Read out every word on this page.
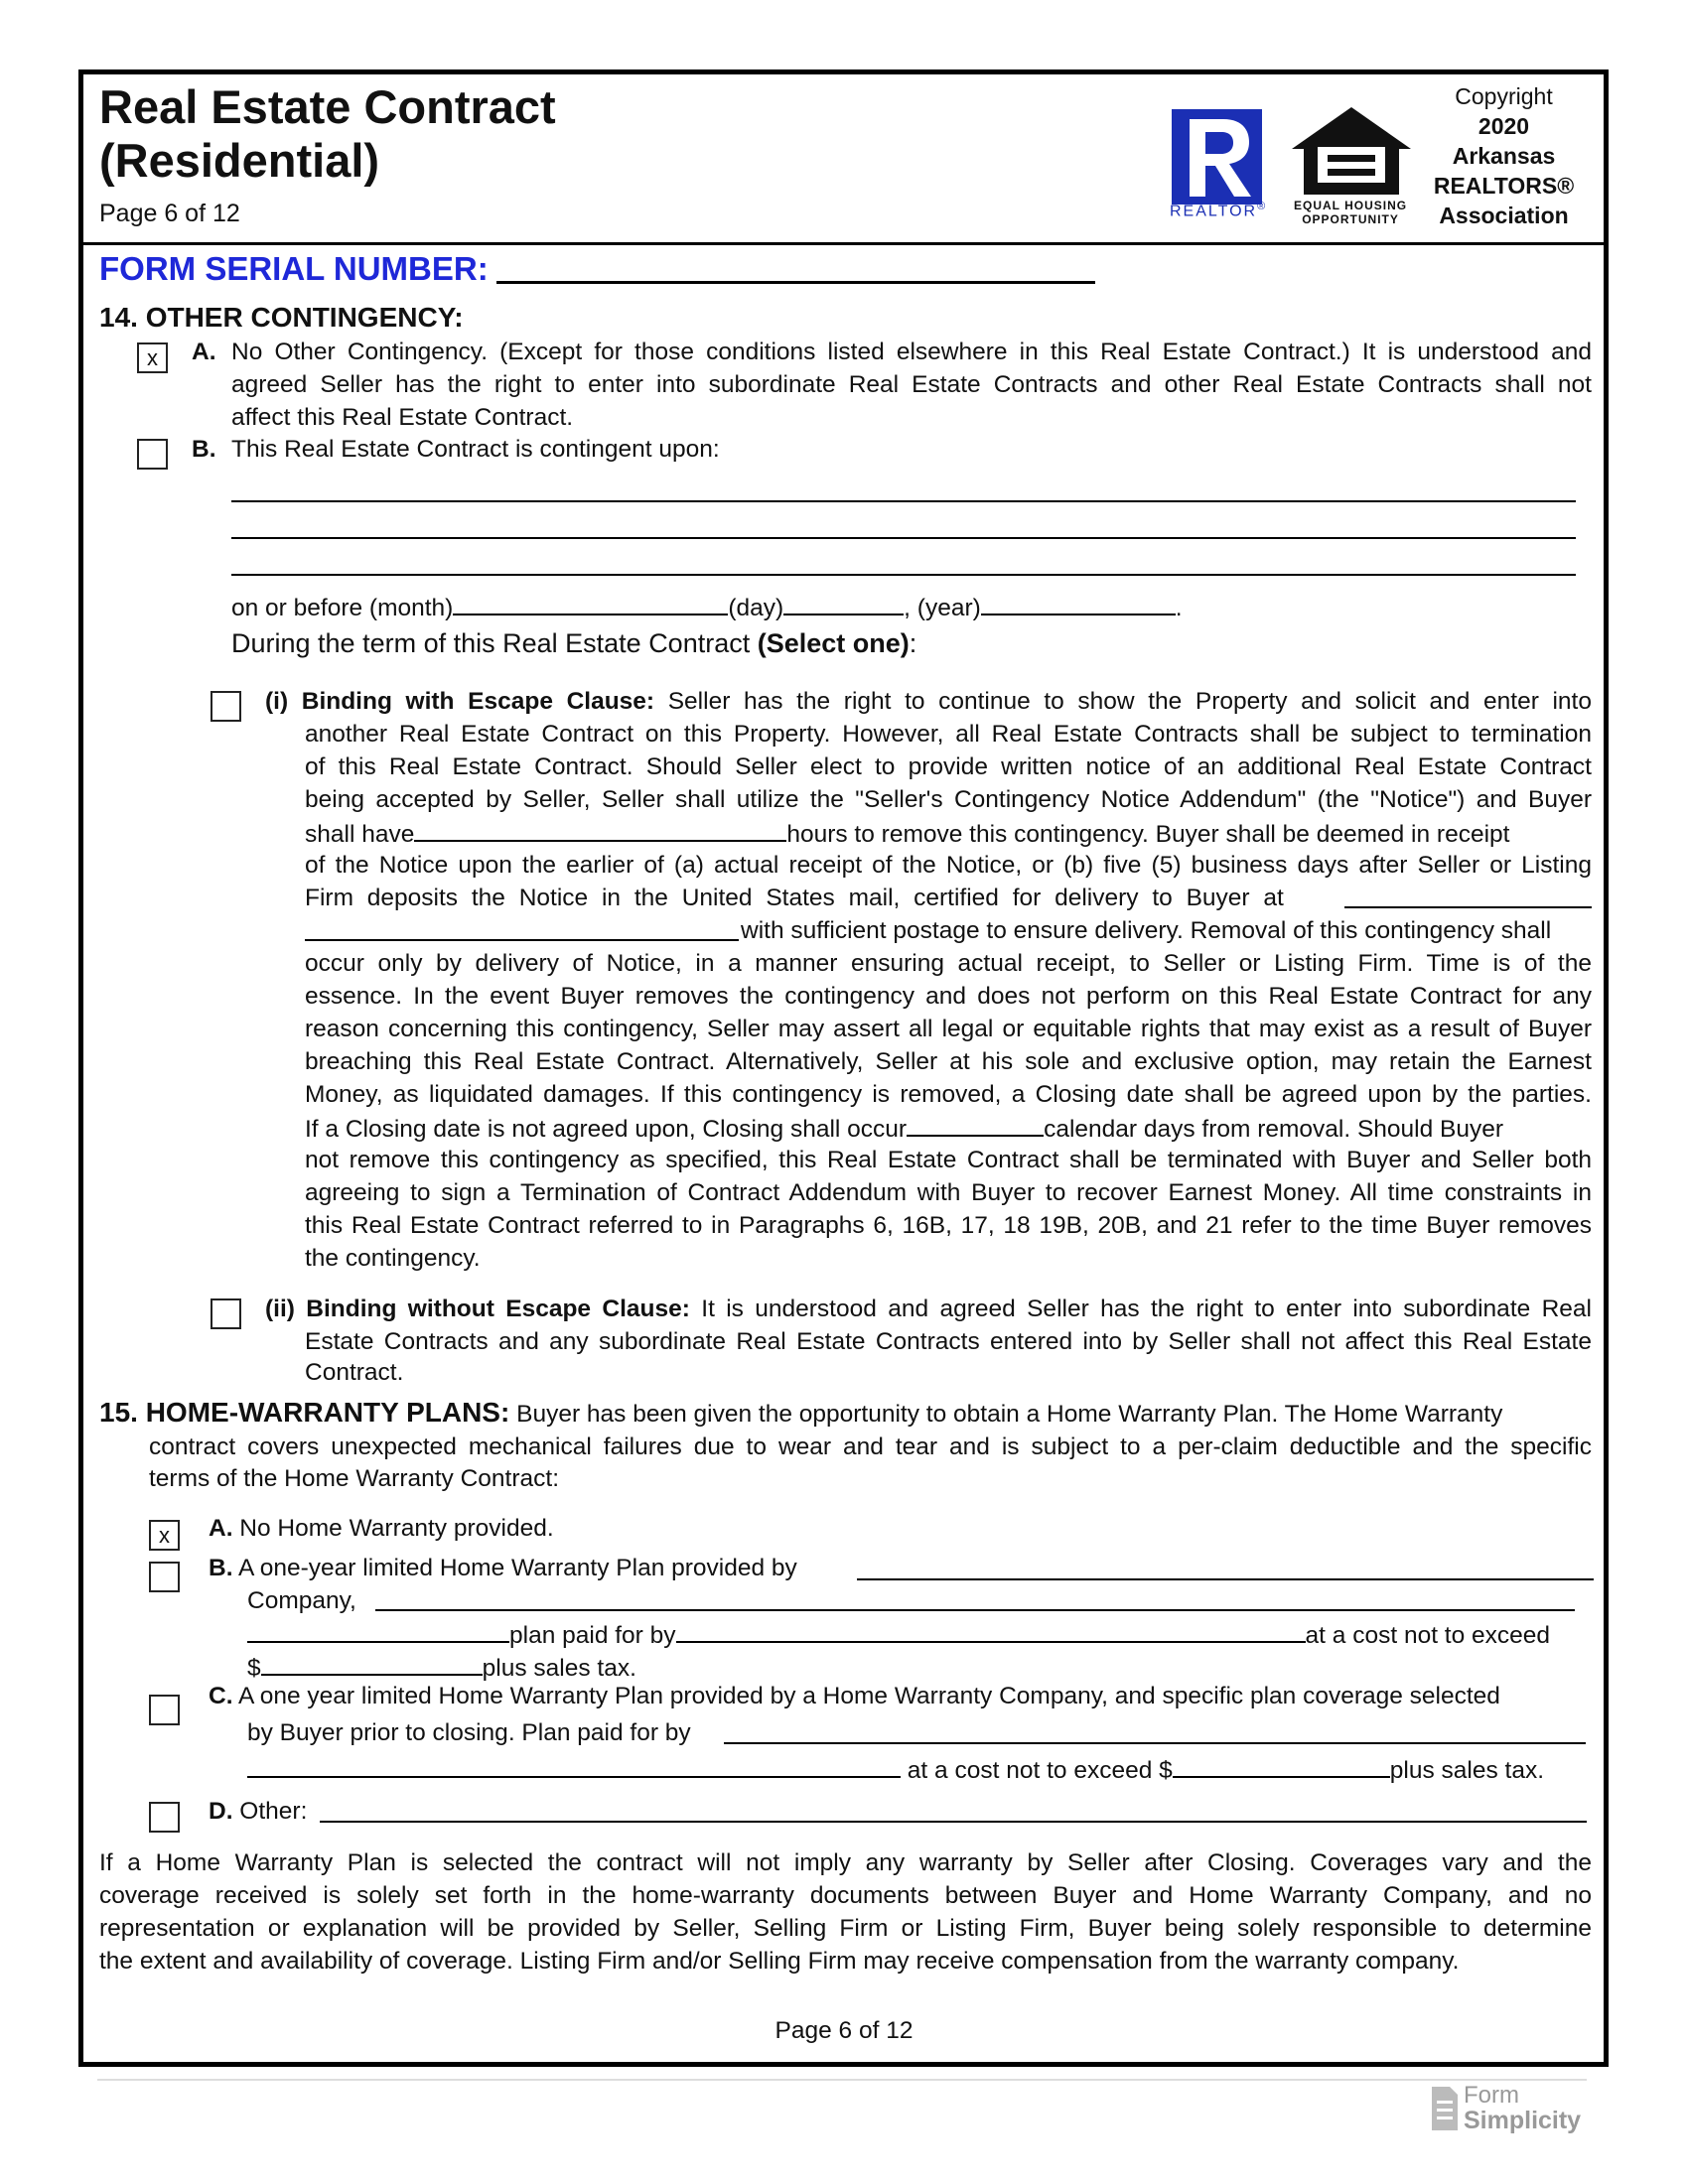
Real Estate Contract
(Residential)
Page 6 of 12	REALTOR® EQUAL HOUSING
OPPORTUNITY
Copyright
2020
Arkansas
REALTORS®
Association
FORM SERIAL NUMBER:
14. OTHER CONTINGENCY:
x	A. No Other Contingency. (Except for those conditions listed elsewhere in this Real Estate Contract.) It is understood and
agreed Seller has the right to enter into subordinate Real Estate Contracts and other Real Estate Contracts shall not
affect this Real Estate Contract.
B. This Real Estate Contract is contingent upon:
on or before (month)	(day)	, (year)	.
During the term of this Real Estate Contract (Select one):
(i) Binding with Escape Clause: Seller has the right to continue to show the Property and solicit and enter into
another Real Estate Contract on this Property. However, all Real Estate Contracts shall be subject to termination
of this Real Estate Contract. Should Seller elect to provide written notice of an additional Real Estate Contract
being accepted by Seller, Seller shall utilize the "Seller's Contingency Notice Addendum" (the "Notice") and Buyer
shall have	hours to remove this contingency. Buyer shall be deemed in receipt
of the Notice upon the earlier of (a) actual receipt of the Notice, or (b) five (5) business days after Seller or Listing
Firm deposits the Notice in the United States mail, certified for delivery to Buyer at
with sufficient postage to ensure delivery. Removal of this contingency shall
occur only by delivery of Notice, in a manner ensuring actual receipt, to Seller or Listing Firm. Time is of the
essence. In the event Buyer removes the contingency and does not perform on this Real Estate Contract for any
reason concerning this contingency, Seller may assert all legal or equitable rights that may exist as a result of Buyer
breaching this Real Estate Contract. Alternatively, Seller at his sole and exclusive option, may retain the Earnest
Money, as liquidated damages. If this contingency is removed, a Closing date shall be agreed upon by the parties.
If a Closing date is not agreed upon, Closing shall occur	calendar days from removal. Should Buyer
not remove this contingency as specified, this Real Estate Contract shall be terminated with Buyer and Seller both
agreeing to sign a Termination of Contract Addendum with Buyer to recover Earnest Money. All time constraints in
this Real Estate Contract referred to in Paragraphs 6, 16B, 17, 18 19B, 20B, and 21 refer to the time Buyer removes
the contingency.
(ii) Binding without Escape Clause: It is understood and agreed Seller has the right to enter into subordinate Real
Estate Contracts and any subordinate Real Estate Contracts entered into by Seller shall not affect this Real Estate
Contract.
15. HOME-WARRANTY PLANS: Buyer has been given the opportunity to obtain a Home Warranty Plan. The Home Warranty
contract covers unexpected mechanical failures due to wear and tear and is subject to a per-claim deductible and the specific
terms of the Home Warranty Contract:
x	A. No Home Warranty provided.
B. A one-year limited Home Warranty Plan provided by
Company,
plan paid for by	at a cost not to exceed
$	plus sales tax.
C. A one year limited Home Warranty Plan provided by a Home Warranty Company, and specific plan coverage selected
by Buyer prior to closing. Plan paid for by
at a cost not to exceed $	plus sales tax.
D. Other:
If a Home Warranty Plan is selected the contract will not imply any warranty by Seller after Closing. Coverages vary and the
coverage received is solely set forth in the home-warranty documents between Buyer and Home Warranty Company, and no
representation or explanation will be provided by Seller, Selling Firm or Listing Firm, Buyer being solely responsible to determine
the extent and availability of coverage. Listing Firm and/or Selling Firm may receive compensation from the warranty company.
Page 6 of 12
Form
Simplicity
